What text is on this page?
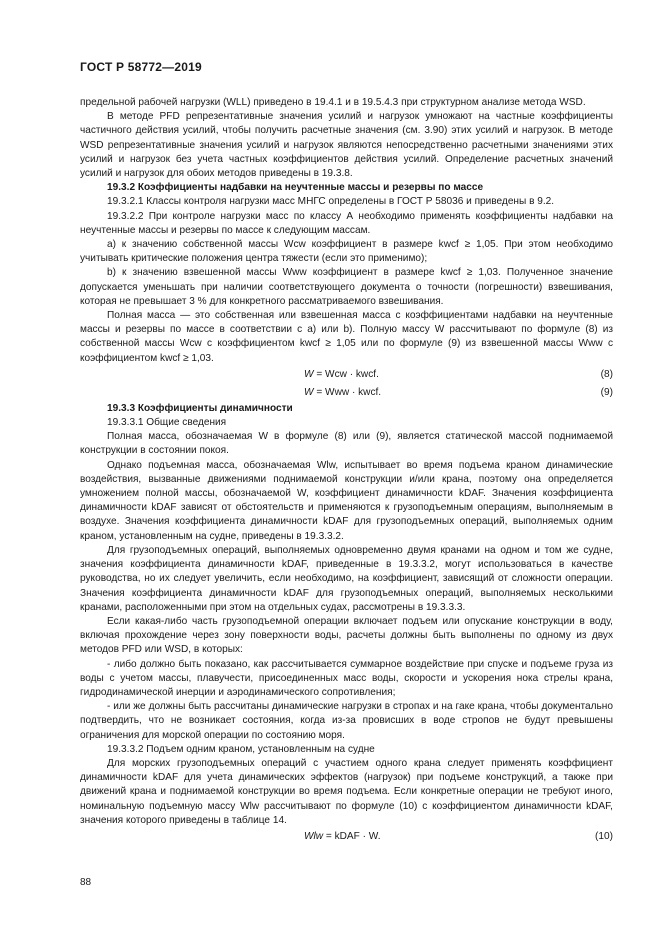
ГОСТ Р 58772—2019

предельной рабочей нагрузки (WLL) приведено в 19.4.1 и в 19.5.4.3 при структурном анализе метода WSD.

В методе PFD репрезентативные значения усилий и нагрузок умножают на частные коэффициенты частичного действия усилий, чтобы получить расчетные значения (см. 3.90) этих усилий и нагрузок. В методе WSD репрезентативные значения усилий и нагрузок являются непосредственно расчетными значениями этих усилий и нагрузок без учета частных коэффициентов действия усилий. Определение расчетных значений усилий и нагрузок для обоих методов приведены в 19.3.8.

19.3.2 Коэффициенты надбавки на неучтенные массы и резервы по массе

19.3.2.1 Классы контроля нагрузки масс МНГС определены в ГОСТ Р 58036 и приведены в 9.2.

19.3.2.2 При контроле нагрузки масс по классу А необходимо применять коэффициенты надбавки на неучтенные массы и резервы по массе к следующим массам.

а) к значению собственной массы Wcw коэффициент в размере kwcf ≥ 1,05. При этом необходимо учитывать критические положения центра тяжести (если это применимо);

b) к значению взвешенной массы Www коэффициент в размере kwcf ≥ 1,03. Полученное значение допускается уменьшать при наличии соответствующего документа о точности (погрешности) взвешивания, которая не превышает 3 % для конкретного рассматриваемого взвешивания.

Полная масса — это собственная или взвешенная масса с коэффициентами надбавки на неучтенные массы и резервы по массе в соответствии с а) или b). Полную массу W рассчитывают по формуле (8) из собственной массы Wcw с коэффициентом kwcf ≥ 1,05 или по формуле (9) из взвешенной массы Www с коэффициентом kwcf ≥ 1,03.

W = Wcw · kwcf.	(8)
W = Www · kwcf.	(9)

19.3.3 Коэффициенты динамичности

19.3.3.1 Общие сведения

Полная масса, обозначаемая W в формуле (8) или (9), является статической массой поднимаемой конструкции в состоянии покоя.

Однако подъемная масса, обозначаемая Wlw, испытывает во время подъема краном динамические воздействия, вызванные движениями поднимаемой конструкции и/или крана, поэтому она определяется умножением полной массы, обозначаемой W, коэффициент динамичности kDAF. Значения коэффициента динамичности kDAF зависят от обстоятельств и применяются к грузоподъемным операциям, выполняемым в воздухе. Значения коэффициента динамичности kDAF для грузоподъемных операций, выполняемых одним краном, установленным на судне, приведены в 19.3.3.2.

Для грузоподъемных операций, выполняемых одновременно двумя кранами на одном и том же судне, значения коэффициента динамичности kDAF, приведенные в 19.3.3.2, могут использоваться в качестве руководства, но их следует увеличить, если необходимо, на коэффициент, зависящий от сложности операции. Значения коэффициента динамичности kDAF для грузоподъемных операций, выполняемых несколькими кранами, расположенными при этом на отдельных судах, рассмотрены в 19.3.3.3.

Если какая-либо часть грузоподъемной операции включает подъем или опускание конструкции в воду, включая прохождение через зону поверхности воды, расчеты должны быть выполнены по одному из двух методов PFD или WSD, в которых:

- либо должно быть показано, как рассчитывается суммарное воздействие при спуске и подъеме груза из воды с учетом массы, плавучести, присоединенных масс воды, скорости и ускорения нока стрелы крана, гидродинамической инерции и аэродинамического сопротивления;

- или же должны быть рассчитаны динамические нагрузки в стропах и на гаке крана, чтобы документально подтвердить, что не возникает состояния, когда из-за провисших в воде стропов не будут превышены ограничения для морской операции по состоянию моря.

19.3.3.2 Подъем одним краном, установленным на судне

Для морских грузоподъемных операций с участием одного крана следует применять коэффициент динамичности kDAF для учета динамических эффектов (нагрузок) при подъеме конструкций, а также при движений крана и поднимаемой конструкции во время подъема. Если конкретные операции не требуют иного, номинальную подъемную массу Wlw рассчитывают по формуле (10) с коэффициентом динамичности kDAF, значения которого приведены в таблице 14.

Wlw = kDAF · W.	(10)
88
